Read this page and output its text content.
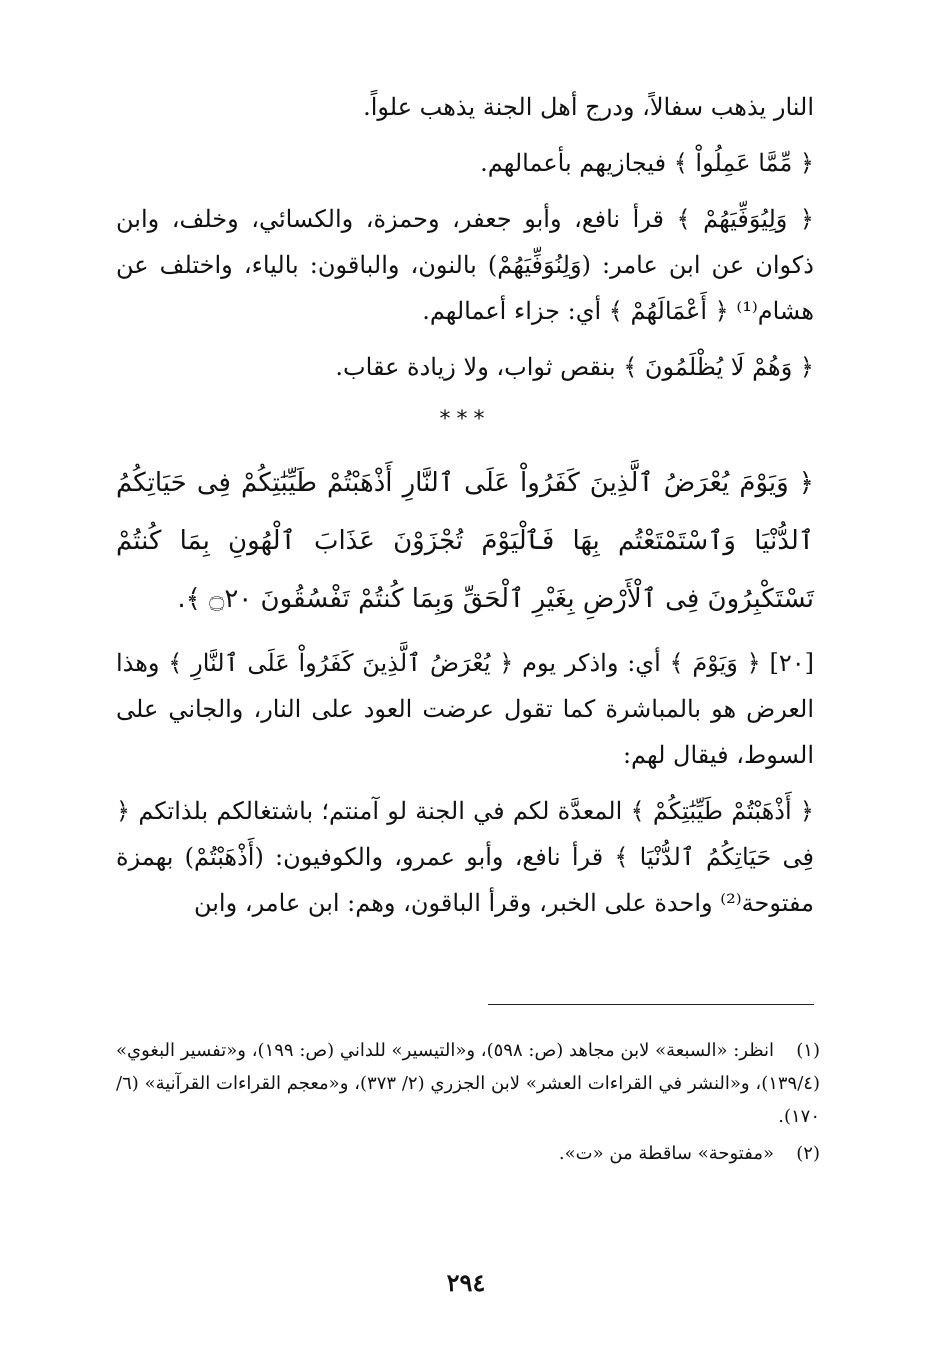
النار يذهب سفالاً، ودرج أهل الجنة يذهب علواً.

﴿ مِّمَّا عَمِلُواْ ﴾ فيجازيهم بأعمالهم.

﴿ وَلِيُوَفِّيَهُمْ ﴾ قرأ نافع، وأبو جعفر، وحمزة، والكسائي، وخلف، وابن ذكوان عن ابن عامر: (وَلِنُوَفِّيَهُمْ) بالنون، والباقون: بالياء، واختلف عن هشام⁽¹⁾ ﴿ أَعْمَالَهُمْ ﴾ أي: جزاء أعمالهم.

﴿ وَهُمْ لَا يُظْلَمُونَ ﴾ بنقص ثواب، ولا زيادة عقاب.

***

﴿ وَيَوْمَ يُعْرَضُ ٱلَّذِينَ كَفَرُواْ عَلَى ٱلنَّارِ أَذْهَبْتُمْ طَيِّبَٰتِكُمْ فِى حَيَاتِكُمُ ٱلدُّنْيَا وَٱسْتَمْتَعْتُم بِهَا فَٱلْيَوْمَ تُجْزَوْنَ عَذَابَ ٱلْهُونِ بِمَا كُنتُمْ تَسْتَكْبِرُونَ فِى ٱلْأَرْضِ بِغَيْرِ ٱلْحَقِّ وَبِمَا كُنتُمْ تَفْسُقُونَ ۝٢٠ ﴾.

[٢٠] ﴿ وَيَوْمَ ﴾ أي: واذكر يوم ﴿ يُعْرَضُ ٱلَّذِينَ كَفَرُواْ عَلَى ٱلنَّارِ ﴾ وهذا العرض هو بالمباشرة كما تقول عرضت العود على النار، والجاني على السوط، فيقال لهم:

﴿ أَذْهَبْتُمْ طَيِّبَٰتِكُمْ ﴾ المعدَّة لكم في الجنة لو آمنتم؛ باشتغالكم بلذاتكم ﴿ فِى حَيَاتِكُمُ ٱلدُّنْيَا ﴾ قرأ نافع، وأبو عمرو، والكوفيون: (أَذْهَبْتُمْ) بهمزة مفتوحة⁽²⁾ واحدة على الخبر، وقرأ الباقون، وهم: ابن عامر، وابن

(١)انظر: «السبعة» لابن مجاهد (ص: ٥٩٨)، و«التيسير» للداني (ص: ١٩٩)، و«تفسير البغوي» (١٣٩/٤)، و«النشر في القراءات العشر» لابن الجزري (٢/ ٣٧٣)، و«معجم القراءات القرآنية» (٦/ ١٧٠).

(٢)«مفتوحة» ساقطة من «ت».

٢٩٤
